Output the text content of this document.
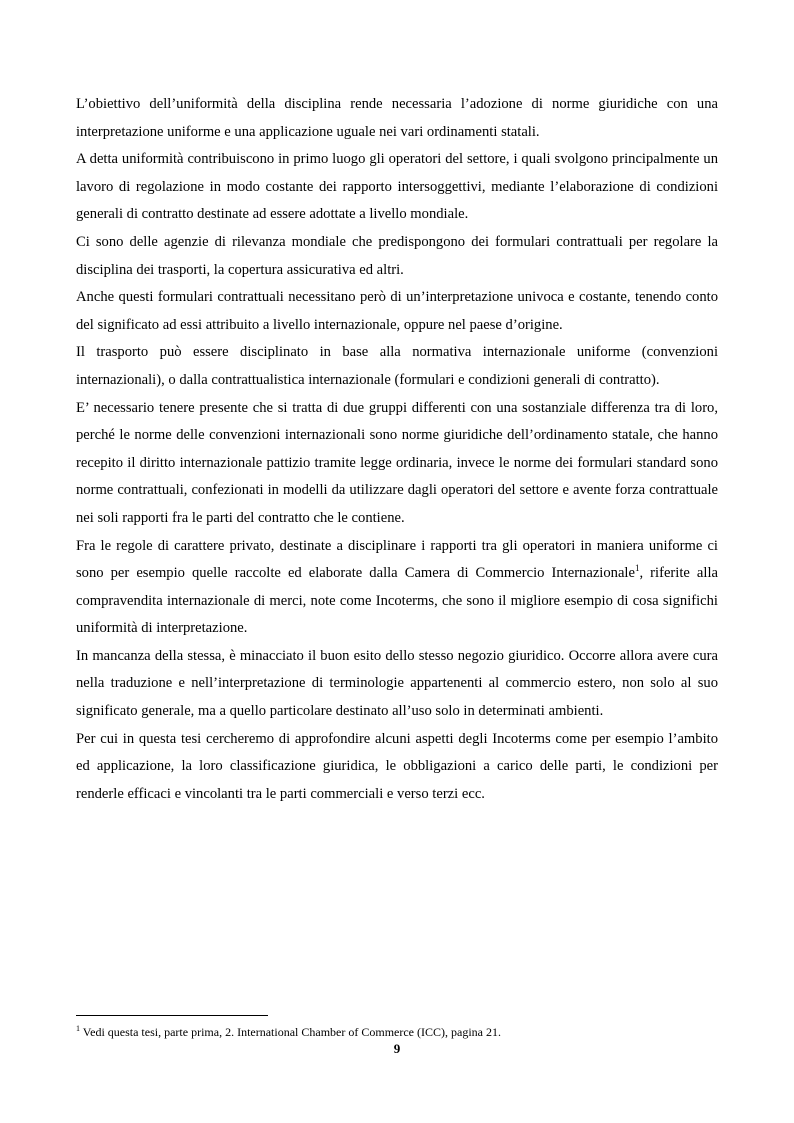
L’obiettivo dell’uniformità della disciplina rende necessaria l’adozione di norme giuridiche con una interpretazione uniforme e una applicazione uguale nei vari ordinamenti statali.

A detta uniformità contribuiscono in primo luogo gli operatori del settore, i quali svolgono principalmente un lavoro di regolazione in modo costante dei rapporto intersoggettivi, mediante l’elaborazione di condizioni generali di contratto destinate ad essere adottate a livello mondiale.

Ci sono delle agenzie di rilevanza mondiale che predispongono dei formulari contrattuali per regolare la disciplina dei trasporti, la copertura assicurativa ed altri.

Anche questi formulari contrattuali necessitano però di un’interpretazione univoca e costante, tenendo conto del significato ad essi attribuito a livello internazionale, oppure nel paese d’origine.

Il trasporto può essere disciplinato in base alla normativa internazionale uniforme (convenzioni internazionali), o dalla contrattualistica internazionale (formulari e condizioni generali di contratto).

E’ necessario tenere presente che si tratta di due gruppi differenti con una sostanziale differenza tra di loro, perché le norme delle convenzioni internazionali sono norme giuridiche dell’ordinamento statale, che hanno recepito il diritto internazionale pattizio tramite legge ordinaria, invece le norme dei formulari standard sono norme contrattuali, confezionati in modelli da utilizzare dagli operatori del settore e avente forza contrattuale nei soli rapporti fra le parti del contratto che le contiene.

Fra le regole di carattere privato, destinate a disciplinare i rapporti tra gli operatori in maniera uniforme ci sono per esempio quelle raccolte ed elaborate dalla Camera di Commercio Internazionale$^1$, riferite alla compravendita internazionale di merci, note come Incoterms, che sono il migliore esempio di cosa significhi uniformità di interpretazione.

In mancanza della stessa, è minacciato il buon esito dello stesso negozio giuridico. Occorre allora avere cura nella traduzione e nell’interpretazione di terminologie appartenenti al commercio estero, non solo al suo significato generale, ma a quello particolare destinato all’uso solo in determinati ambienti.

Per cui in questa tesi cercheremo di approfondire alcuni aspetti degli Incoterms come per esempio l’ambito ed applicazione, la loro classificazione giuridica, le obbligazioni a carico delle parti, le condizioni per renderle efficaci e vincolanti tra le parti commerciali e verso terzi ecc.

$^1$ Vedi questa tesi, parte prima, 2. International Chamber of Commerce (ICC), pagina 21.
9
